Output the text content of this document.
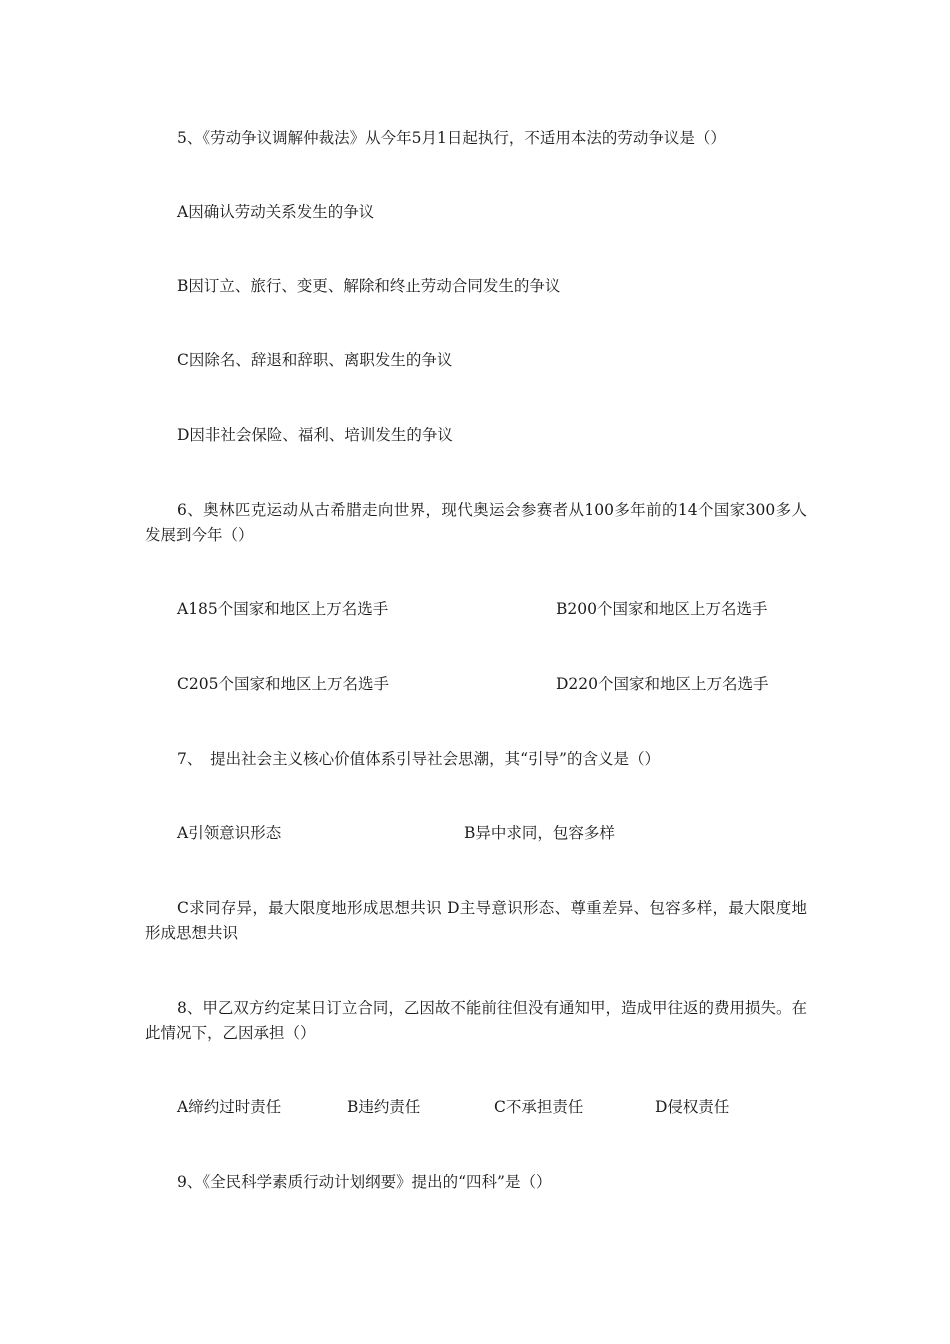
5、《劳动争议调解仲裁法》从今年5月1日起执行，不适用本法的劳动争议是（）
A因确认劳动关系发生的争议
B因订立、旅行、变更、解除和终止劳动合同发生的争议
C因除名、辞退和辞职、离职发生的争议
D因非社会保险、福利、培训发生的争议
6、奥林匹克运动从古希腊走向世界，现代奥运会参赛者从100多年前的14个国家300多人发展到今年（）
A185个国家和地区上万名选手	B200个国家和地区上万名选手
C205个国家和地区上万名选手	D220个国家和地区上万名选手
7、　提出社会主义核心价值体系引导社会思潮，其“引导”的含义是（）
A引领意识形态	B异中求同，包容多样
C求同存异，最大限度地形成思想共识 D主导意识形态、尊重差异、包容多样，最大限度地形成思想共识
8、甲乙双方约定某日订立合同，乙因故不能前往但没有通知甲，造成甲往返的费用损失。在此情况下，乙因承担（）
A缔约过时责任	B违约责任	C不承担责任	D侵权责任
9、《全民科学素质行动计划纲要》提出的“四科”是（）
